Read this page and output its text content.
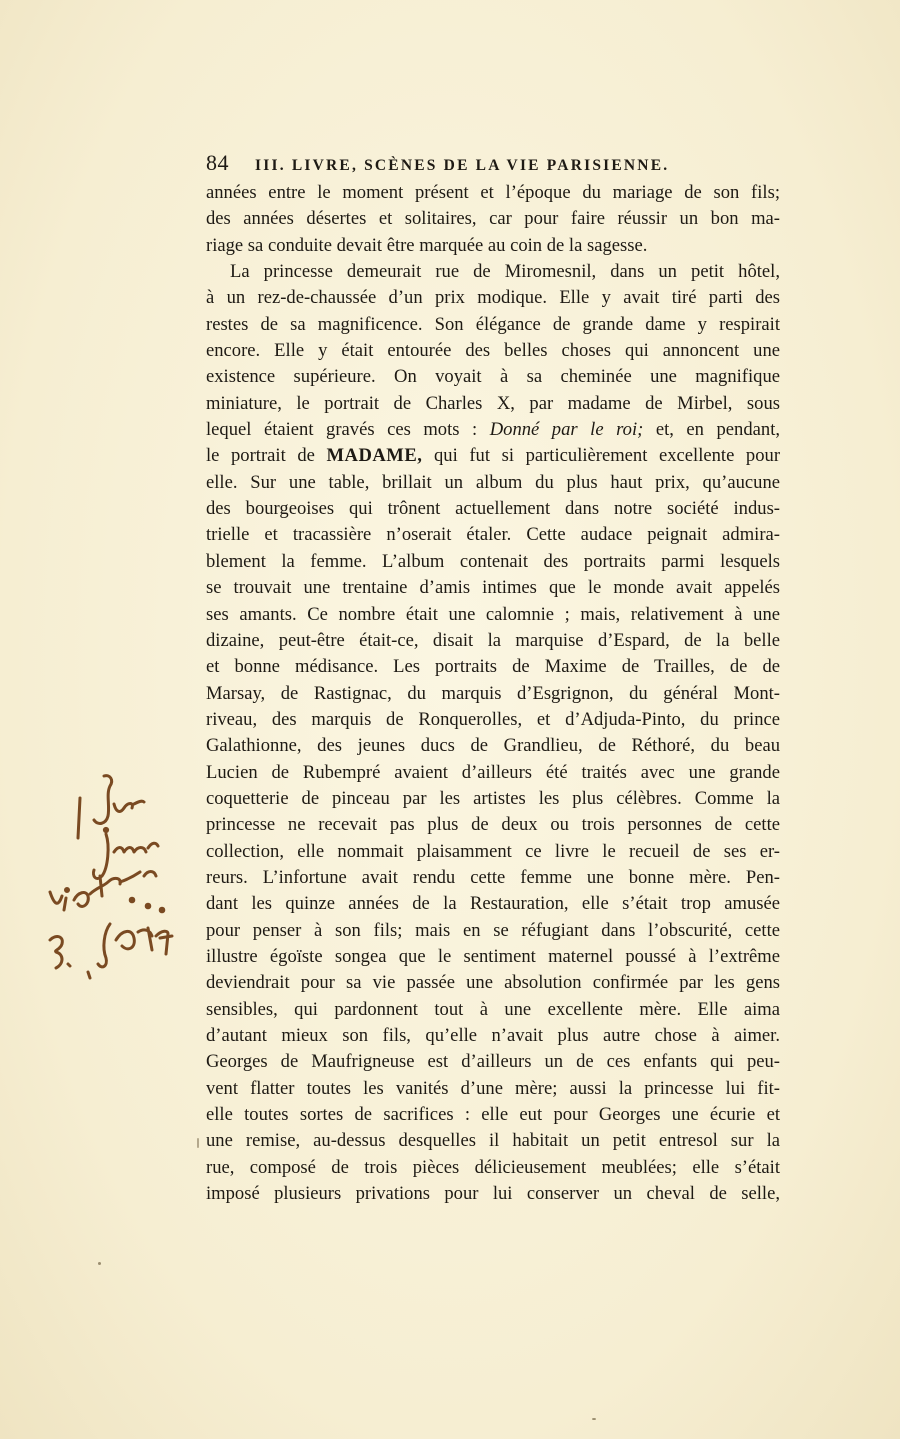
84 III. LIVRE, SCÈNES DE LA VIE PARISIENNE.
années entre le moment présent et l’époque du mariage de son fils;
des années désertes et solitaires, car pour faire réussir un bon ma-
riage sa conduite devait être marquée au coin de la sagesse.
La princesse demeurait rue de Miromesnil, dans un petit hôtel,
à un rez-de-chaussée d’un prix modique. Elle y avait tiré parti des
restes de sa magnificence. Son élégance de grande dame y respirait
encore. Elle y était entourée des belles choses qui annoncent une
existence supérieure. On voyait à sa cheminée une magnifique
miniature, le portrait de Charles X, par madame de Mirbel, sous
lequel étaient gravés ces mots : Donné par le roi; et, en pendant,
le portrait de MADAME, qui fut si particulièrement excellente pour
elle. Sur une table, brillait un album du plus haut prix, qu’aucune
des bourgeoises qui trônent actuellement dans notre société indus-
trielle et tracassière n’oserait étaler. Cette audace peignait admira-
blement la femme. L’album contenait des portraits parmi lesquels
se trouvait une trentaine d’amis intimes que le monde avait appelés
ses amants. Ce nombre était une calomnie ; mais, relativement à une
dizaine, peut-être était-ce, disait la marquise d’Espard, de la belle
et bonne médisance. Les portraits de Maxime de Trailles, de de
Marsay, de Rastignac, du marquis d’Esgrignon, du général Mont-
riveau, des marquis de Ronquerolles, et d’Adjuda-Pinto, du prince
Galathionne, des jeunes ducs de Grandlieu, de Réthoré, du beau
Lucien de Rubempré avaient d’ailleurs été traités avec une grande
coquetterie de pinceau par les artistes les plus célèbres. Comme la
princesse ne recevait pas plus de deux ou trois personnes de cette
collection, elle nommait plaisamment ce livre le recueil de ses er-
reurs. L’infortune avait rendu cette femme une bonne mère. Pen-
dant les quinze années de la Restauration, elle s’était trop amusée
pour penser à son fils; mais en se réfugiant dans l’obscurité, cette
illustre égoïste songea que le sentiment maternel poussé à l’extrême
deviendrait pour sa vie passée une absolution confirmée par les gens
sensibles, qui pardonnent tout à une excellente mère. Elle aima
d’autant mieux son fils, qu’elle n’avait plus autre chose à aimer.
Georges de Maufrigneuse est d’ailleurs un de ces enfants qui peu-
vent flatter toutes les vanités d’une mère; aussi la princesse lui fit-
elle toutes sortes de sacrifices : elle eut pour Georges une écurie et
une remise, au-dessus desquelles il habitait un petit entresol sur la
rue, composé de trois pièces délicieusement meublées; elle s’était
imposé plusieurs privations pour lui conserver un cheval de selle,
